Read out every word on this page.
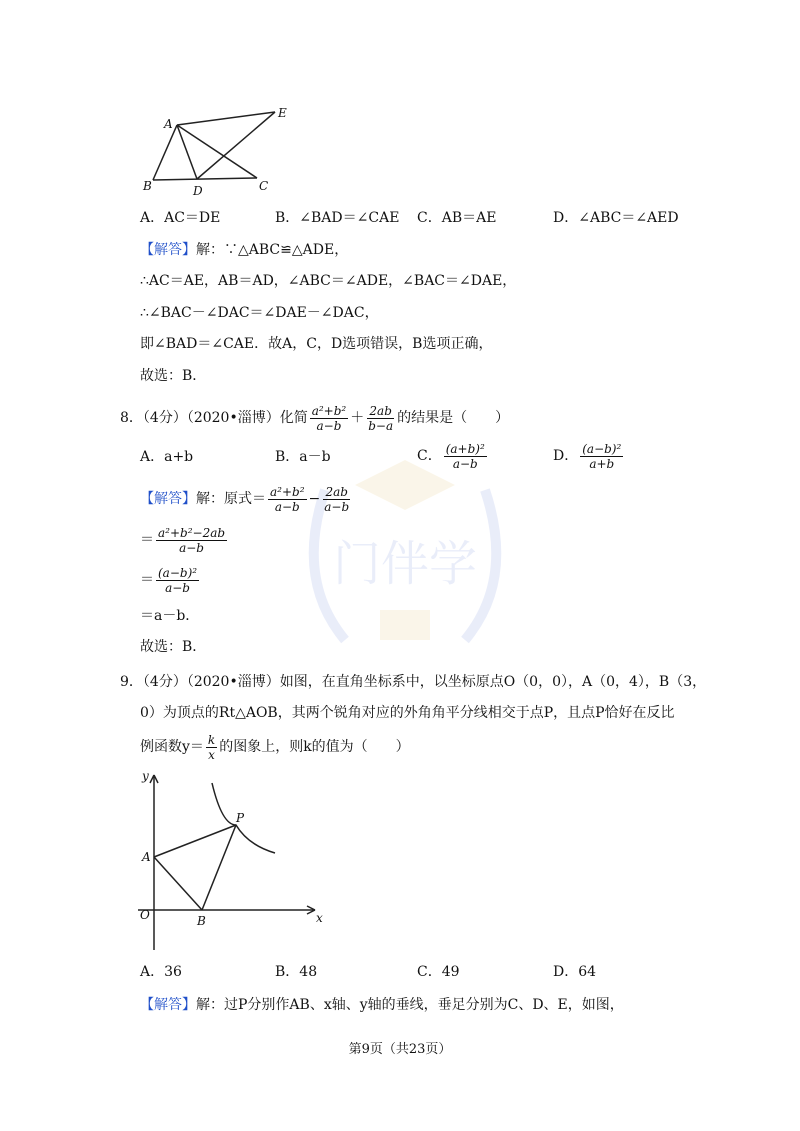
门伴学
A
E
B	D	C
A．AC＝DE	B．∠BAD＝∠CAE C．AB＝AE	D．∠ABC＝∠AED
【解答】解：∵△ABC≌△ADE，
∴AC＝AE，AB＝AD，∠ABC＝∠ADE，∠BAC＝∠DAE，
∴∠BAC－∠DAC＝∠DAE－∠DAC，
即∠BAD＝∠CAE．故A，C，D选项错误，B选项正确，
故选：B．
8．（4分）（2020•淄博）化简 $\frac{\text{a²+b²}}{a-b} + \frac{2ab}{b-a}$ 的结果是（　　）
A．a+b	B．a－b	C． $\frac{\text{(a+b)²}}{a-b}$	D． $\frac{\text{(a−b)²}}{a+b}$
【解答】解：原式＝ $\frac{\text{a²+b²}}{a-b} - \frac{2ab}{a-b}$
＝ $\frac{\text{a²+b²−2ab}}{a-b}$
＝ $\frac{\text{(a−b)²}}{a-b}$
＝a－b．
故选：B．
9．（4分）（2020•淄博）如图，在直角坐标系中，以坐标原点O（0，0），A（0，4），B（3，
0）为顶点的Rt△AOB，其两个锐角对应的外角角平分线相交于点P，且点P恰好在反比
例函数$y= \frac{k}{x}$ 的图象上，则k的值为（　　）
y
x
O
A
B
P
A．36	B．48	C．49	D．64
【解答】解：过P分别作AB、x轴、y轴的垂线，垂足分别为C、D、E，如图，
第9页（共23页）
